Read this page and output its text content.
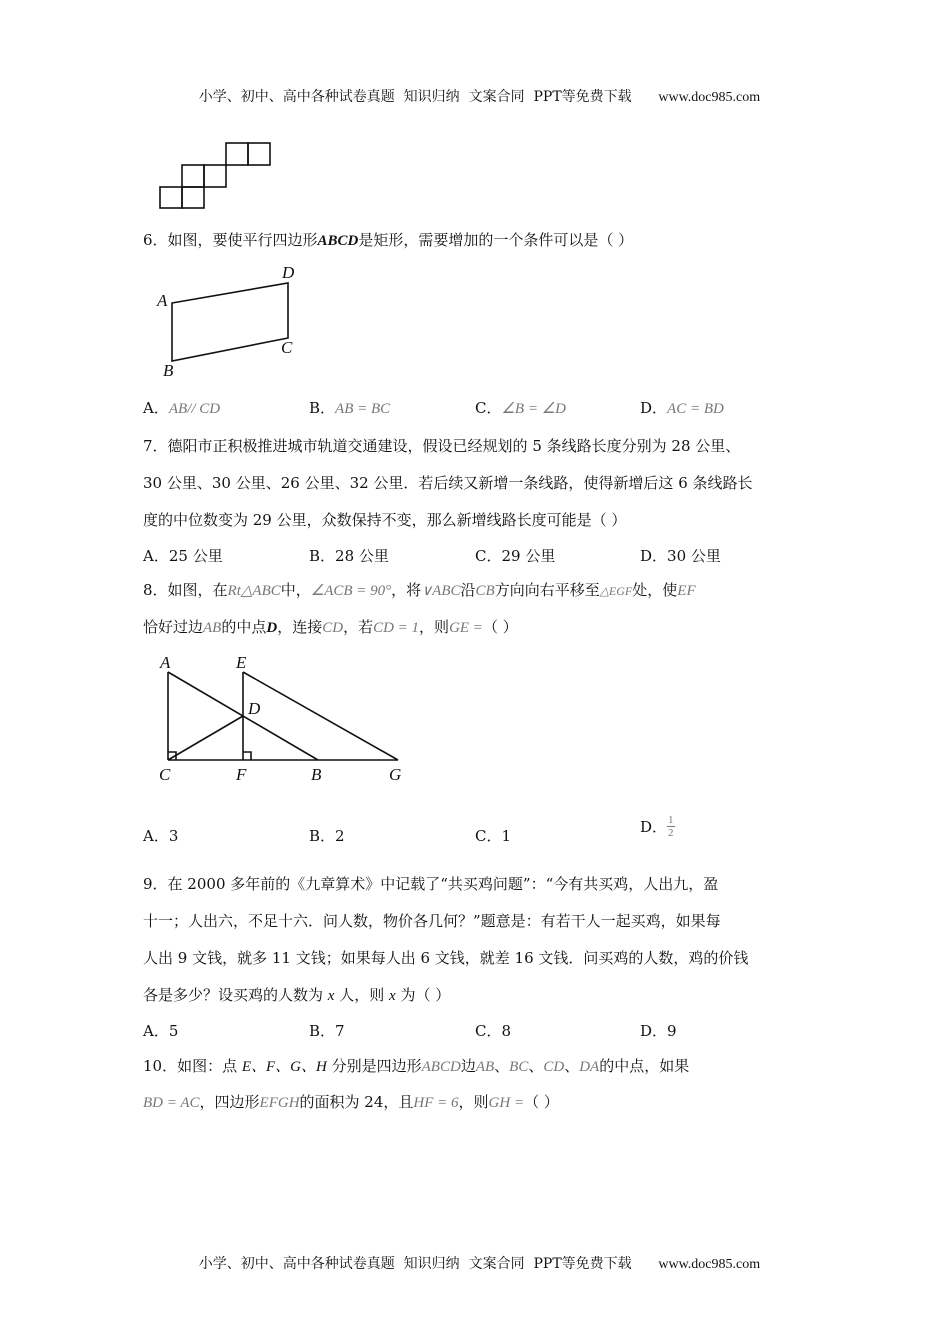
小学、初中、高中各种试卷真题  知识归纳  文案合同  PPT等免费下载 www.doc985.com

6．如图，要使平行四边形ABCD是矩形，需要增加的一个条件可以是（ ）
A
D
C
B
A．AB// CD	B．AB = BC	C．∠B = ∠D	D．AC = BD
7．德阳市正积极推进城市轨道交通建设，假设已经规划的 5 条线路长度分别为 28 公里、
30 公里、30 公里、26 公里、32 公里．若后续又新增一条线路，使得新增后这 6 条线路长
度的中位数变为 29 公里，众数保持不变，那么新增线路长度可能是（ ）
A．25 公里	B．28 公里	C．29 公里	D．30 公里
8．如图，在Rt△ABC中，∠ACB = 90°，将∨ABC沿CB方向向右平移至△EGF处，使EF
恰好过边AB的中点D，连接CD，若CD = 1，则GE =（ ）
A	E
D
C	F	B	G
A．3	B．2	C．1	D． $\frac{1}{2}$
9．在 2000 多年前的《九章算术》中记载了“共买鸡问题”：“今有共买鸡，人出九，盈
十一；人出六，不足十六．问人数，物价各几何？”题意是：有若干人一起买鸡，如果每
人出 9 文钱，就多 11 文钱；如果每人出 6 文钱，就差 16 文钱．问买鸡的人数，鸡的价钱
各是多少？设买鸡的人数为 x 人，则 x 为（ ）
A．5	B．7	C．8	D．9
10．如图：点 E、F、G、H 分别是四边形ABCD边AB、BC、CD、DA的中点，如果
BD = AC，四边形EFGH的面积为 24，且HF = 6，则GH =（ ）

小学、初中、高中各种试卷真题  知识归纳  文案合同  PPT等免费下载 www.doc985.com
